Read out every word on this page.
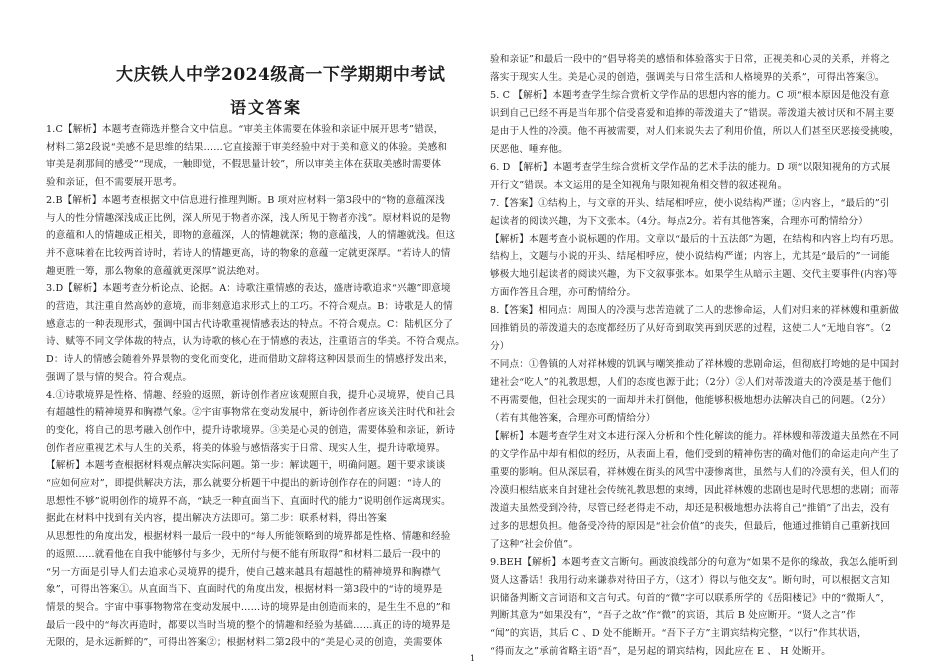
大庆铁人中学2024级高一下学期期中考试
语文答案
1.C【解析】本题考查筛选并整合文中信息。“审美主体需要在体验和亲证中展开思考”错误，
材料二第2段说“美感不是思维的结果……它直接源于审美经验中对于美和意义的体验。美感和
审美是刹那间的感受”“现成，一触即觉，不假思量计较”，所以审美主体在获取美感时需要体
验和亲证，但不需要展开思考。
2.B【解析】本题考查根据文中信息进行推理判断。B 项对应材料一第3段中的“物的意蕴深浅
与人的性分情趣深浅成正比例，深人所见于物者亦深，浅人所见于物者亦浅”。原材料说的是物
的意蕴和人的情趣成正相关，即物的意蕴深，人的情趣就深；物的意蕴浅，人的情趣就浅。但这
并不意味着在比较两首诗时，若诗人的情趣更高，诗的物象的意蕴一定就更深厚。“若诗人的情
趣更胜一筹，那么物象的意蕴就更深厚”说法绝对。
3.D【解析】本题考查分析论点、论据。A：诗歌注重情感的表达，盛唐诗歌追求“兴趣”即意境
的营造，其注重自然高妙的意境，而非刻意追求形式上的工巧。不符合观点。B：诗歌是人的情
感意志的一种表现形式，强调中国古代诗歌重视情感表达的特点。不符合观点。C：陆机区分了
诗、赋等不同文学体裁的特点，认为诗歌的核心在于情感的表达，注重语言的华美。不符合观点。
D：诗人的情感会随着外界景物的变化而变化，进而借助文辞将这种因景而生的情感抒发出来，
强调了景与情的契合。符合观点。
4.①诗歌境界是性格、情趣、经验的返照，新诗创作者应该观照自我，提升心灵境界，使自己具
有超越性的精神境界和胸襟气象。②宇宙事物常在变动发展中，新诗创作者应该关注时代和社会
的变化，将自己的思考融入创作中，提升诗歌境界。③美是心灵的创造，需要体验和亲证，新诗
创作者应重视艺术与人生的关系，将美的体验与感悟落实于日常、现实人生，提升诗歌境界。
【解析】本题考查根据材料观点解决实际问题。第一步：解读题干，明确问题。题干要求谈谈
“应如何应对”，即提供解决方法，那么就要分析题干中提出的新诗创作存在的问题：“诗人的
思想性不够”说明创作的境界不高，“缺乏一种直面当下、直面时代的能力”说明创作远离现实。
据此在材料中找到有关内容，提出解决方法即可。第二步：联系材料，得出答案
从思想性的角度出发，根据材料一最后一段中的“每人所能领略到的境界都是性格、情趣和经验
的返照……就看他在自我中能够付与多少，无所付与便不能有所取得”和材料二最后一段中的
“另一方面是引导人们去追求心灵境界的提升，使自己越来越具有超越性的精神境界和胸襟气
象”，可得出答案①。从直面当下、直面时代的角度出发，根据材料一第3段中的“诗的境界是
情景的契合。宇宙中事事物物常在变动发展中……诗的境界是由创造而来的，是生生不息的”和
最后一段中的“每次再造时，都要以当时当境的整个的情趣和经验为基础……真正的诗的境界是
无限的，是永远新鲜的”，可得出答案②；根据材料二第2段中的“美是心灵的创造，美需要体
验和亲证”和最后一段中的“倡导将美的感悟和体验落实于日常，正视美和心灵的关系，并将之
落实于现实人生。美是心灵的创造，强调美与日常生活和人格境界的关系”，可得出答案③。
5. C 【解析】本题考查学生综合赏析文学作品的思想内容的能力。C 项“根本原因是他没有意
识到自己已经不再是当年那个信受喜爱和追捧的蒂泼道夫了”错误。蒂泼道夫被讨厌和不屑主要
是由于人性的冷漠。他不再被需要，对人们来说失去了利用价值，所以人们甚至厌恶接受挑唆，
厌恶他、唾弃他。
6. D 【解析】本题考查学生综合赏析文学作品的艺术手法的能力。D 项“以限知视角的方式展
开行文”错误。本文运用的是全知视角与限知视角相交替的叙述视角。
7.【答案】①结构上，与文章的开头、结尾相呼应，使小说结构严谨；②内容上，“最后的”引
起读者的阅读兴趣，为下文张本。（4分。每点2分。若有其他答案，合理亦可酌情给分）
【解析】本题考查小说标题的作用。文章以“最后的十五法郎”为题，在结构和内容上均有巧思。
结构上，文题与小说的开头、结尾相呼应，使小说结构严谨；内容上，尤其是“最后的”一词能
够极大地引起读者的阅读兴趣，为下文叙事张本。如果学生从暗示主题、交代主要事件(内容)等
方面作答且合理，亦可酌情给分。
8.【答案】相同点：周围人的冷漠与悲苦造就了二人的悲惨命运，人们对归来的祥林嫂和重新做
回推销员的蒂泼道夫的态度都经历了从好奇到取笑再到厌恶的过程，这使二人“无地自容”。（2
分）
不同点：①鲁镇的人对祥林嫂的饥讽与嘲笑推动了祥林嫂的悲剧命运，但彻底打垮她的是中国封
建社会“吃人”的礼教思想，人们的态度也源于此；（2分）②人们对蒂泼道夫的冷漠是基于他们
不再需要他，但社会现实的一面却并未打倒他，他能够积极地想办法解决自己的问题。（2分）
（若有其他答案，合理亦可酌情给分）
【解析】本题考查学生对文本进行深入分析和个性化解读的能力。祥林嫂和蒂泼道夫虽然在不同
的文学作品中却有相似的经历，从表面上看，他们受到的精神伤害的确对他们的命运走向产生了
重要的影响。但从深层看，祥林嫂在街头的风雪中凄惨离世，虽然与人们的冷漠有关，但人们的
冷漠归根结底来自封建社会传统礼教思想的束缚，因此祥林嫂的悲剧也是时代思想的悲剧；而蒂
泼道夫虽然受到冷待，尽管已经老得走不动，却还是积极地想办法将自己“推销”了出去，没有
过多的思想负担。他备受冷待的原因是“社会价值”的丧失，但最后，他通过推销自己重新找回
了这种“社会价值”。
9.BEH【解析】本题考查文言断句。画波浪线部分的句意为“如果不是你的缘故，我怎么能听到
贤人这番话！我用行动来谦恭对待田子方，（这才）得以与他交友”。断句时，可以根据文言知
识储备判断文言词语和文言句式。句首的“微”字可以联系所学的《岳阳楼记》中的“微斯人”，
判断其意为“如果没有”，“吾子之故”作“微”的宾语，其后 B 处应断开。“贤人之言”作
“闻”的宾语，其后 C 、D 处不能断开。“吾下子方”主谓宾结构完整，“以行”作其状语，
“得而友之”承前省略主语“吾”，是另起的谓宾结构，因此应在 E 、 H 处断开。
1
